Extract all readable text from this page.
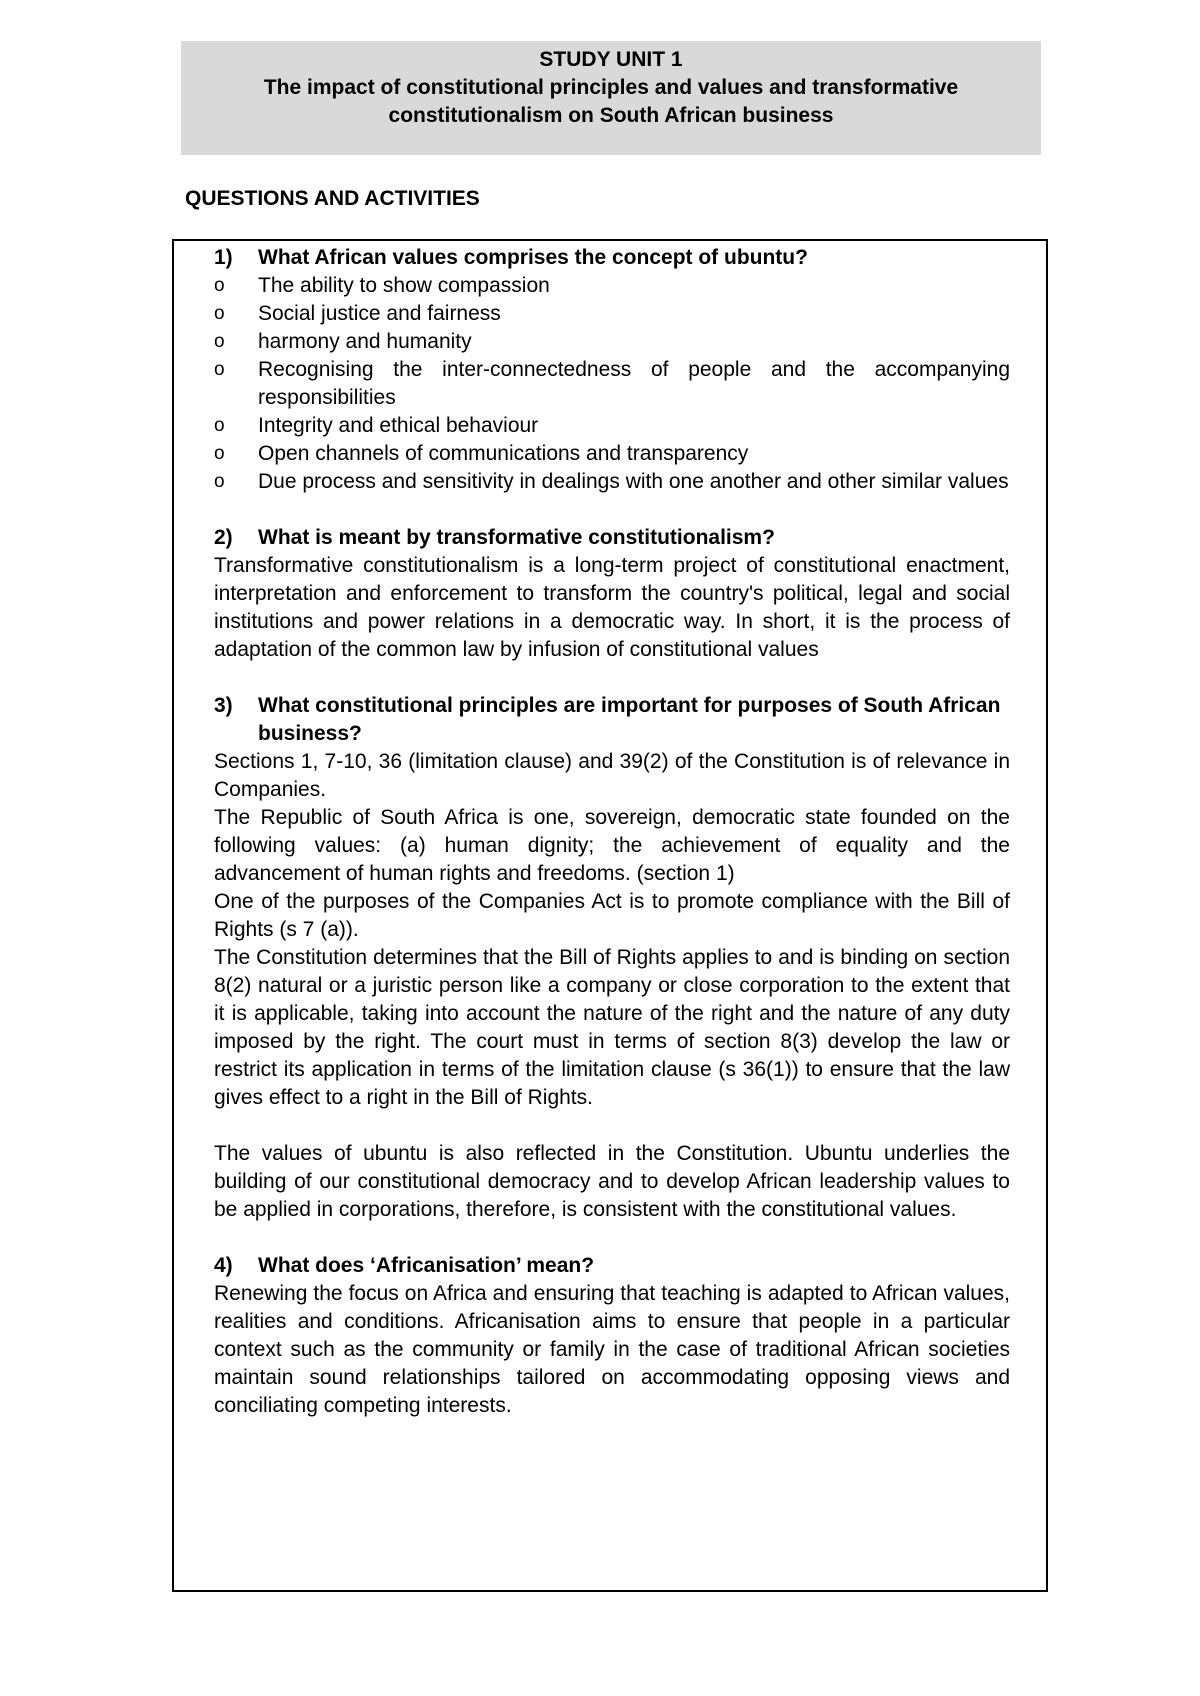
STUDY UNIT 1

The impact of constitutional principles and values and transformative

constitutionalism on South African business

QUESTIONS AND ACTIVITIES

1)	What African values comprises the concept of ubuntu?

o	The ability to show compassion
o	Social justice and fairness
o	harmony and humanity
o	Recognising the inter-connectedness of people and the accompanying responsibilities
o	Integrity and ethical behaviour
o	Open channels of communications and transparency
o	Due process and sensitivity in dealings with one another and other similar values

2)	What is meant by transformative constitutionalism?

Transformative constitutionalism is a long-term project of constitutional enactment, interpretation and enforcement to transform the country's political, legal and social institutions and power relations in a democratic way. In short, it is the process of adaptation of the common law by infusion of constitutional values

3)	What constitutional principles are important for purposes of South African business?

Sections 1, 7-10, 36 (limitation clause) and 39(2) of the Constitution is of relevance in Companies.

The Republic of South Africa is one, sovereign, democratic state founded on the following values: (a) human dignity; the achievement of equality and the advancement of human rights and freedoms. (section 1)

One of the purposes of the Companies Act is to promote compliance with the Bill of Rights (s 7 (a)).

The Constitution determines that the Bill of Rights applies to and is binding on section 8(2) natural or a juristic person like a company or close corporation to the extent that it is applicable, taking into account the nature of the right and the nature of any duty imposed by the right. The court must in terms of section 8(3) develop the law or restrict its application in terms of the limitation clause (s 36(1)) to ensure that the law gives effect to a right in the Bill of Rights.

The values of ubuntu is also reflected in the Constitution. Ubuntu underlies the building of our constitutional democracy and to develop African leadership values to be applied in corporations, therefore, is consistent with the constitutional values.

4)	What does ‘Africanisation’ mean?

Renewing the focus on Africa and ensuring that teaching is adapted to African values, realities and conditions. Africanisation aims to ensure that people in a particular context such as the community or family in the case of traditional African societies maintain sound relationships tailored on accommodating opposing views and conciliating competing interests.
